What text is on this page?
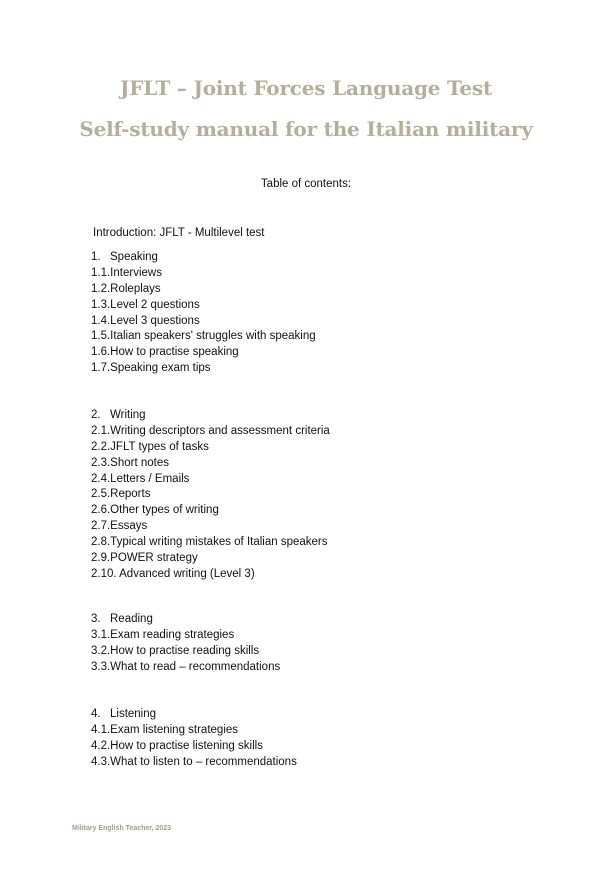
JFLT – Joint Forces Language Test
Self-study manual for the Italian military
Table of contents:
Introduction: JFLT - Multilevel test
1. Speaking
1.1.Interviews
1.2.Roleplays
1.3.Level 2 questions
1.4.Level 3 questions
1.5.Italian speakers' struggles with speaking
1.6.How to practise speaking
1.7.Speaking exam tips
2. Writing
2.1.Writing descriptors and assessment criteria
2.2.JFLT types of tasks
2.3.Short notes
2.4.Letters / Emails
2.5.Reports
2.6.Other types of writing
2.7.Essays
2.8.Typical writing mistakes of Italian speakers
2.9.POWER strategy
2.10. Advanced writing (Level 3)
3. Reading
3.1.Exam reading strategies
3.2.How to practise reading skills
3.3.What to read – recommendations
4. Listening
4.1.Exam listening strategies
4.2.How to practise listening skills
4.3.What to listen to – recommendations
Military English Teacher, 2023
